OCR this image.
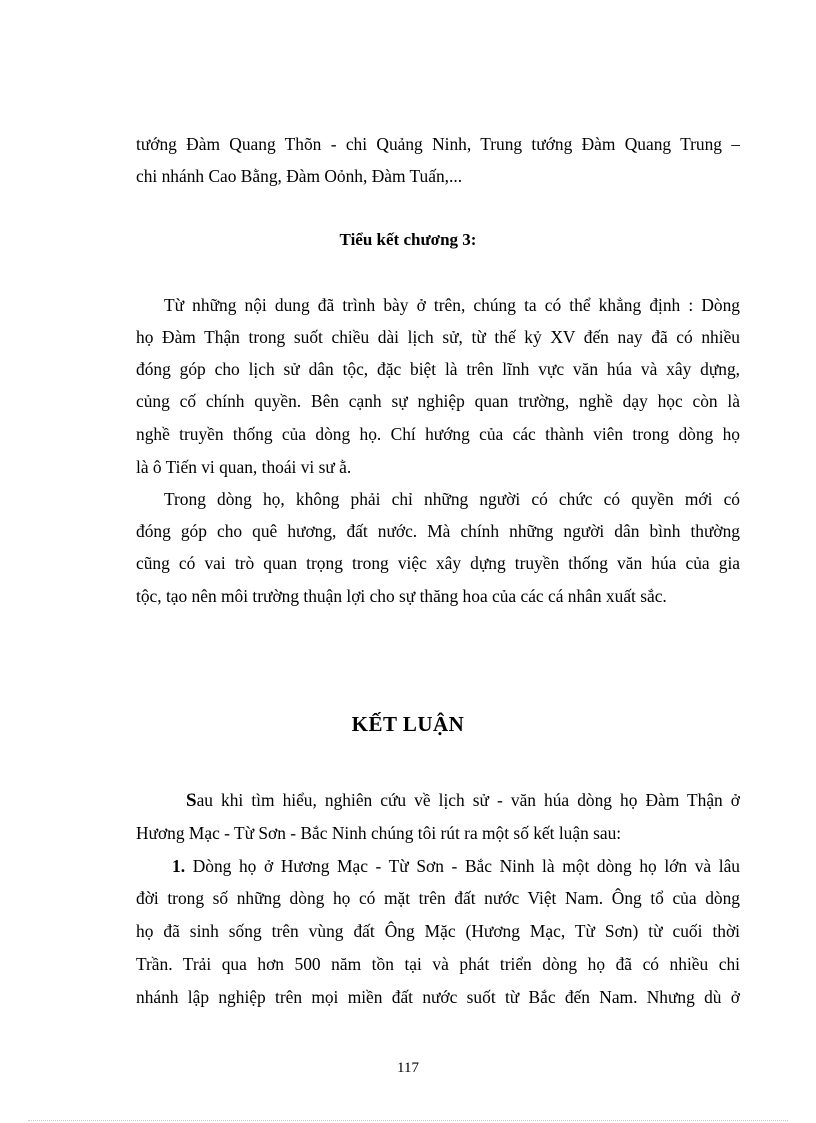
tướng Đàm Quang Thõn - chi Quảng Ninh, Trung tướng Đàm Quang Trung –
chi nhánh Cao Bằng, Đàm Oỏnh, Đàm Tuấn,...
Tiểu kết chương 3:
Từ những nội dung đã trình bày ở trên, chúng ta có thể khẳng định : Dòng
họ Đàm Thận trong suốt chiều dài lịch sử, từ thế kỷ XV đến nay đã có nhiều
đóng góp cho lịch sử dân tộc, đặc biệt là trên lĩnh vực văn húa và xây dựng,
củng cố chính quyền. Bên cạnh sự nghiệp quan trường, nghề dạy học còn là
nghề truyền thống của dòng họ. Chí hướng của các thành viên trong dòng họ
là ô Tiến vi quan, thoái vi sư ằ.
Trong dòng họ, không phải chỉ những người có chức có quyền mới có
đóng góp cho quê hương, đất nước. Mà chính những người dân bình thường
cũng có vai trò quan trọng trong việc xây dựng truyền thống văn húa của gia
tộc, tạo nên môi trường thuận lợi cho sự thăng hoa của các cá nhân xuất sắc.
KẾT LUẬN
Sau khi tìm hiểu, nghiên cứu về lịch sử - văn húa dòng họ Đàm Thận ở
Hương Mạc - Từ Sơn - Bắc Ninh chúng tôi rút ra một số kết luận sau:
1. Dòng họ ở Hương Mạc - Từ Sơn - Bắc Ninh là một dòng họ lớn và lâu
đời trong số những dòng họ có mặt trên đất nước Việt Nam. Ông tổ của dòng
họ đã sinh sống trên vùng đất Ông Mặc (Hương Mạc, Từ Sơn) từ cuối thời
Trần. Trải qua hơn 500 năm tồn tại và phát triển dòng họ đã có nhiều chi
nhánh lập nghiệp trên mọi miền đất nước suốt từ Bắc đến Nam. Nhưng dù ở
117
